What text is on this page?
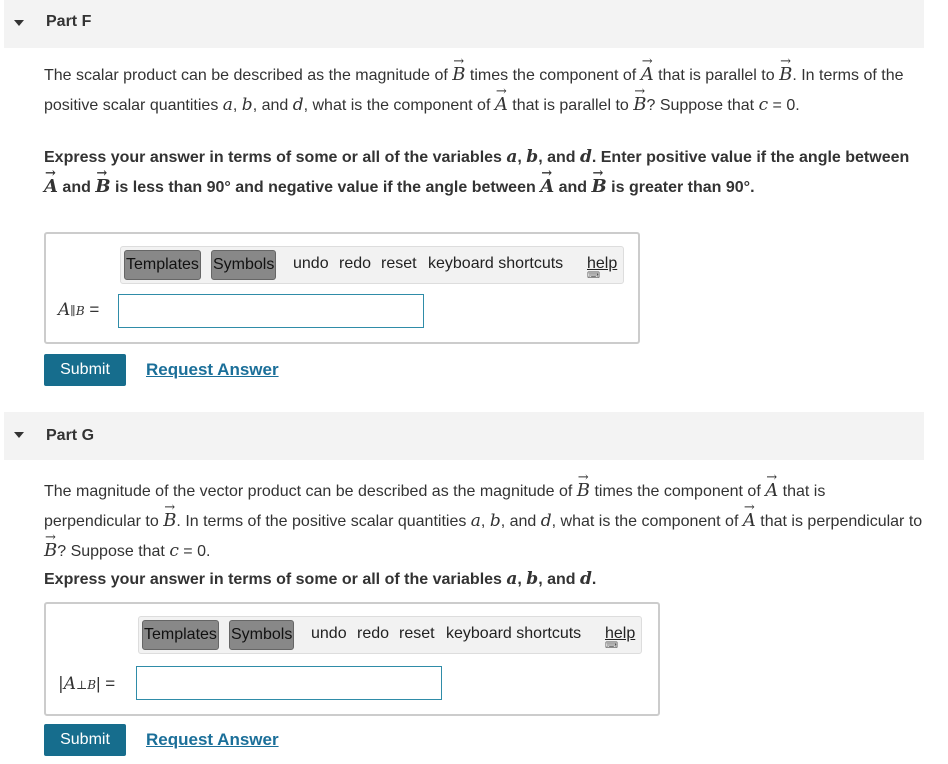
Part F
The scalar product can be described as the magnitude of → B times the component of → A that is parallel to → B. In terms of the positive scalar quantities a, b, and d, what is the component of → A that is parallel to → B? Suppose that c = 0.
Express your answer in terms of some or all of the variables a, b, and d. Enter positive value if the angle between → A and → B is less than 90° and negative value if the angle between → A and → B is greater than 90°.
Templates Symbols undo redo reset keyboard shortcuts help
⌨
A∥B =
Submit	Request Answer
Part G
The magnitude of the vector product can be described as the magnitude of → B times the component of → A that is perpendicular to → B. In terms of the positive scalar quantities a, b, and d, what is the component of → A that is perpendicular to → B? Suppose that c = 0.
Express your answer in terms of some or all of the variables a, b, and d.
Templates Symbols undo redo reset keyboard shortcuts help
⌨
|A⊥B| =
Submit	Request Answer
